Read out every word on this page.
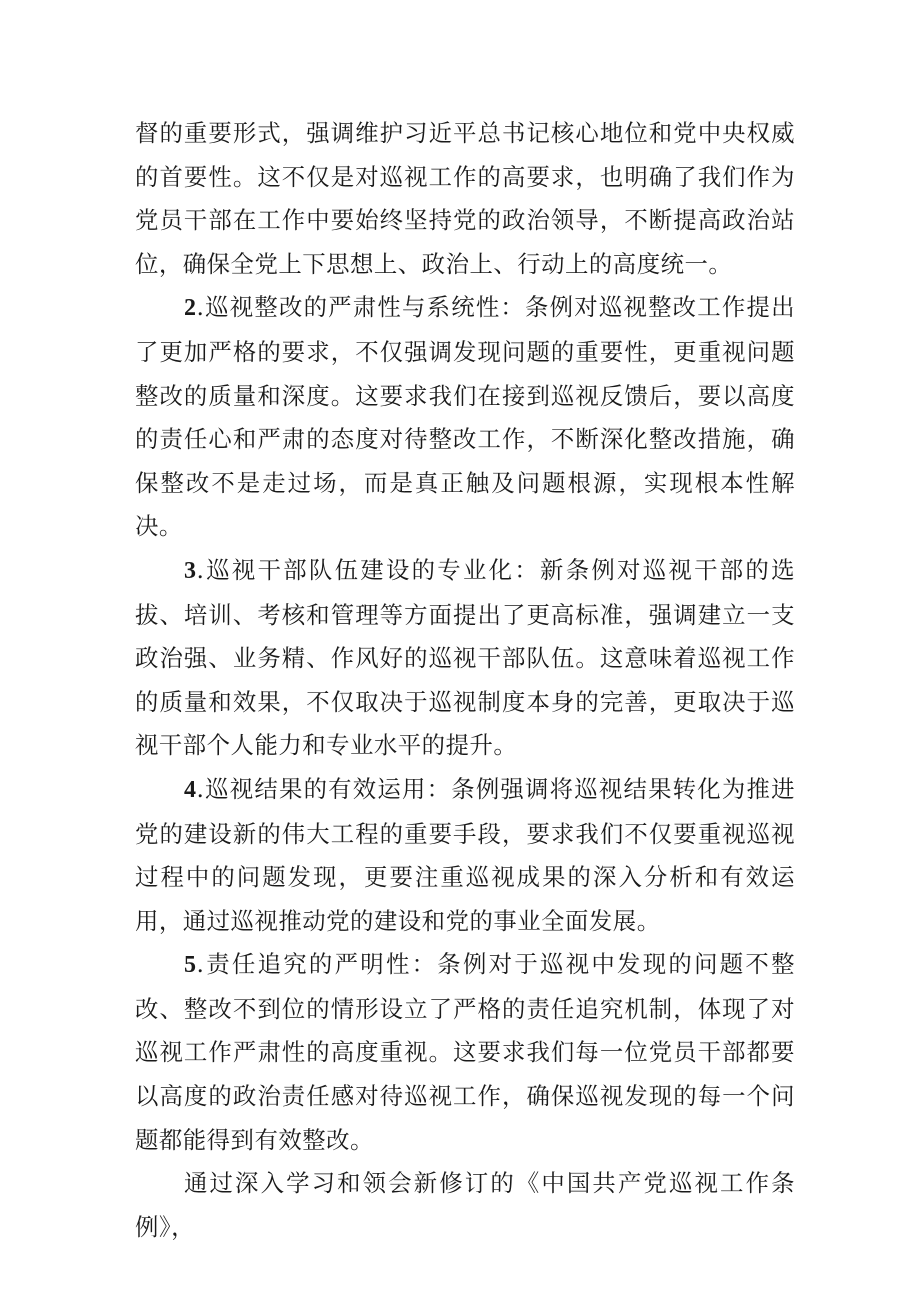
督的重要形式，强调维护习近平总书记核心地位和党中央权威的首要性。这不仅是对巡视工作的高要求，也明确了我们作为党员干部在工作中要始终坚持党的政治领导，不断提高政治站位，确保全党上下思想上、政治上、行动上的高度统一。

2.巡视整改的严肃性与系统性：条例对巡视整改工作提出了更加严格的要求，不仅强调发现问题的重要性，更重视问题整改的质量和深度。这要求我们在接到巡视反馈后，要以高度的责任心和严肃的态度对待整改工作，不断深化整改措施，确保整改不是走过场，而是真正触及问题根源，实现根本性解决。

3.巡视干部队伍建设的专业化：新条例对巡视干部的选拔、培训、考核和管理等方面提出了更高标准，强调建立一支政治强、业务精、作风好的巡视干部队伍。这意味着巡视工作的质量和效果，不仅取决于巡视制度本身的完善，更取决于巡视干部个人能力和专业水平的提升。

4.巡视结果的有效运用：条例强调将巡视结果转化为推进党的建设新的伟大工程的重要手段，要求我们不仅要重视巡视过程中的问题发现，更要注重巡视成果的深入分析和有效运用，通过巡视推动党的建设和党的事业全面发展。

5.责任追究的严明性：条例对于巡视中发现的问题不整改、整改不到位的情形设立了严格的责任追究机制，体现了对巡视工作严肃性的高度重视。这要求我们每一位党员干部都要以高度的政治责任感对待巡视工作，确保巡视发现的每一个问题都能得到有效整改。

通过深入学习和领会新修订的《中国共产党巡视工作条例》，
